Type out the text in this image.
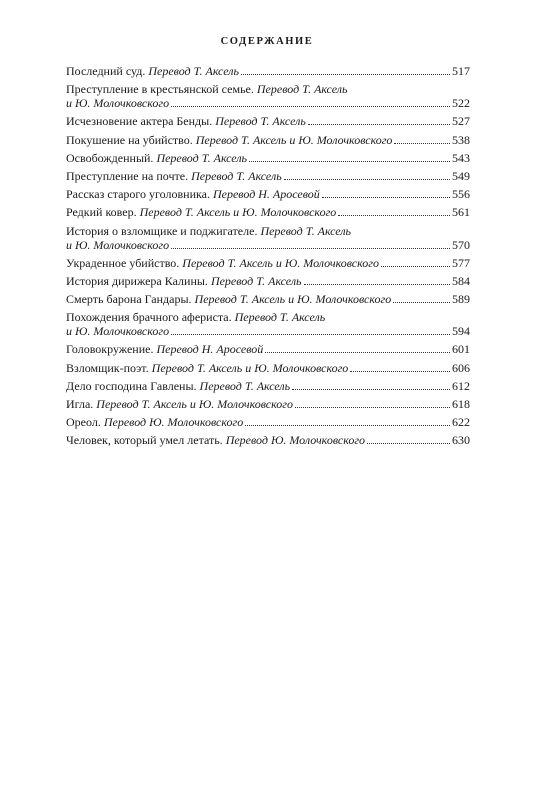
СОДЕРЖАНИЕ
Последний суд.
Перевод Т. Аксель	517
Преступление в крестьянской семье.
Перевод Т. Аксель
и Ю. Молочковского	522
Исчезновение актера Бенды.
Перевод Т. Аксель	527
Покушение на убийство.
Перевод Т. Аксель и Ю. Молочковского	538
Освобожденный.
Перевод Т. Аксель	543
Преступление на почте.
Перевод Т. Аксель	549
Рассказ старого уголовника.
Перевод Н. Аросевой	556
Редкий ковер.
Перевод Т. Аксель и Ю. Молочковского	561
История о взломщике и поджигателе.
Перевод Т. Аксель
и Ю. Молочковского	570
Украденное убийство.
Перевод Т. Аксель и Ю. Молочковского	577
История дирижера Калины.
Перевод Т. Аксель	584
Смерть барона Гандары.
Перевод Т. Аксель и Ю. Молочковского	589
Похождения брачного афериста.
Перевод Т. Аксель
и Ю. Молочковского	594
Головокружение.
Перевод Н. Аросевой	601
Взломщик-поэт.
Перевод Т. Аксель и Ю. Молочковского	606
Дело господина Гавлены.
Перевод Т. Аксель	612
Игла.
Перевод Т. Аксель и Ю. Молочковского	618
Ореол.
Перевод Ю. Молочковского	622
Человек, который умел летать.
Перевод Ю. Молочковского	630
